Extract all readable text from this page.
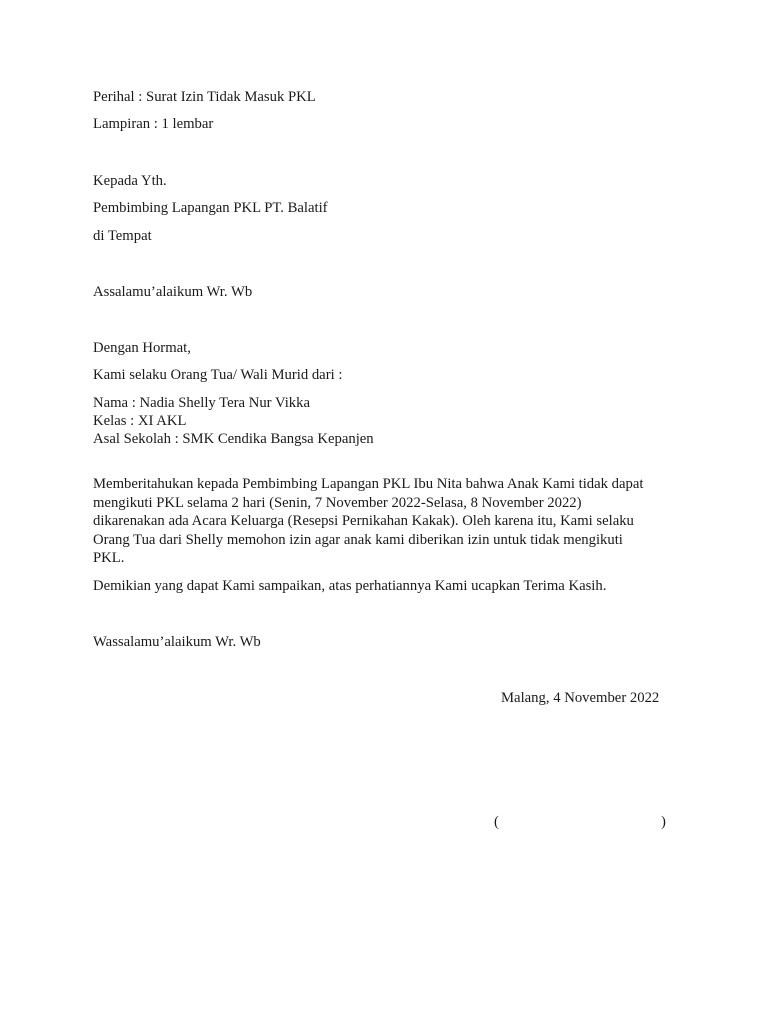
Perihal : Surat Izin Tidak Masuk PKL
Lampiran : 1 lembar
Kepada Yth.
Pembimbing Lapangan PKL PT. Balatif
di Tempat
Assalamu’alaikum Wr. Wb
Dengan Hormat,
Kami selaku Orang Tua/ Wali Murid dari :
Nama : Nadia Shelly Tera Nur Vikka
Kelas : XI AKL
Asal Sekolah : SMK Cendika Bangsa Kepanjen
Memberitahukan kepada Pembimbing Lapangan PKL Ibu Nita bahwa Anak Kami tidak dapat
mengikuti PKL selama 2 hari (Senin, 7 November 2022-Selasa, 8 November 2022)
dikarenakan ada Acara Keluarga (Resepsi Pernikahan Kakak). Oleh karena itu, Kami selaku
Orang Tua dari Shelly memohon izin agar anak kami diberikan izin untuk tidak mengikuti
PKL.
Demikian yang dapat Kami sampaikan, atas perhatiannya Kami ucapkan Terima Kasih.
Wassalamu’alaikum Wr. Wb
Malang, 4 November 2022
(	)
